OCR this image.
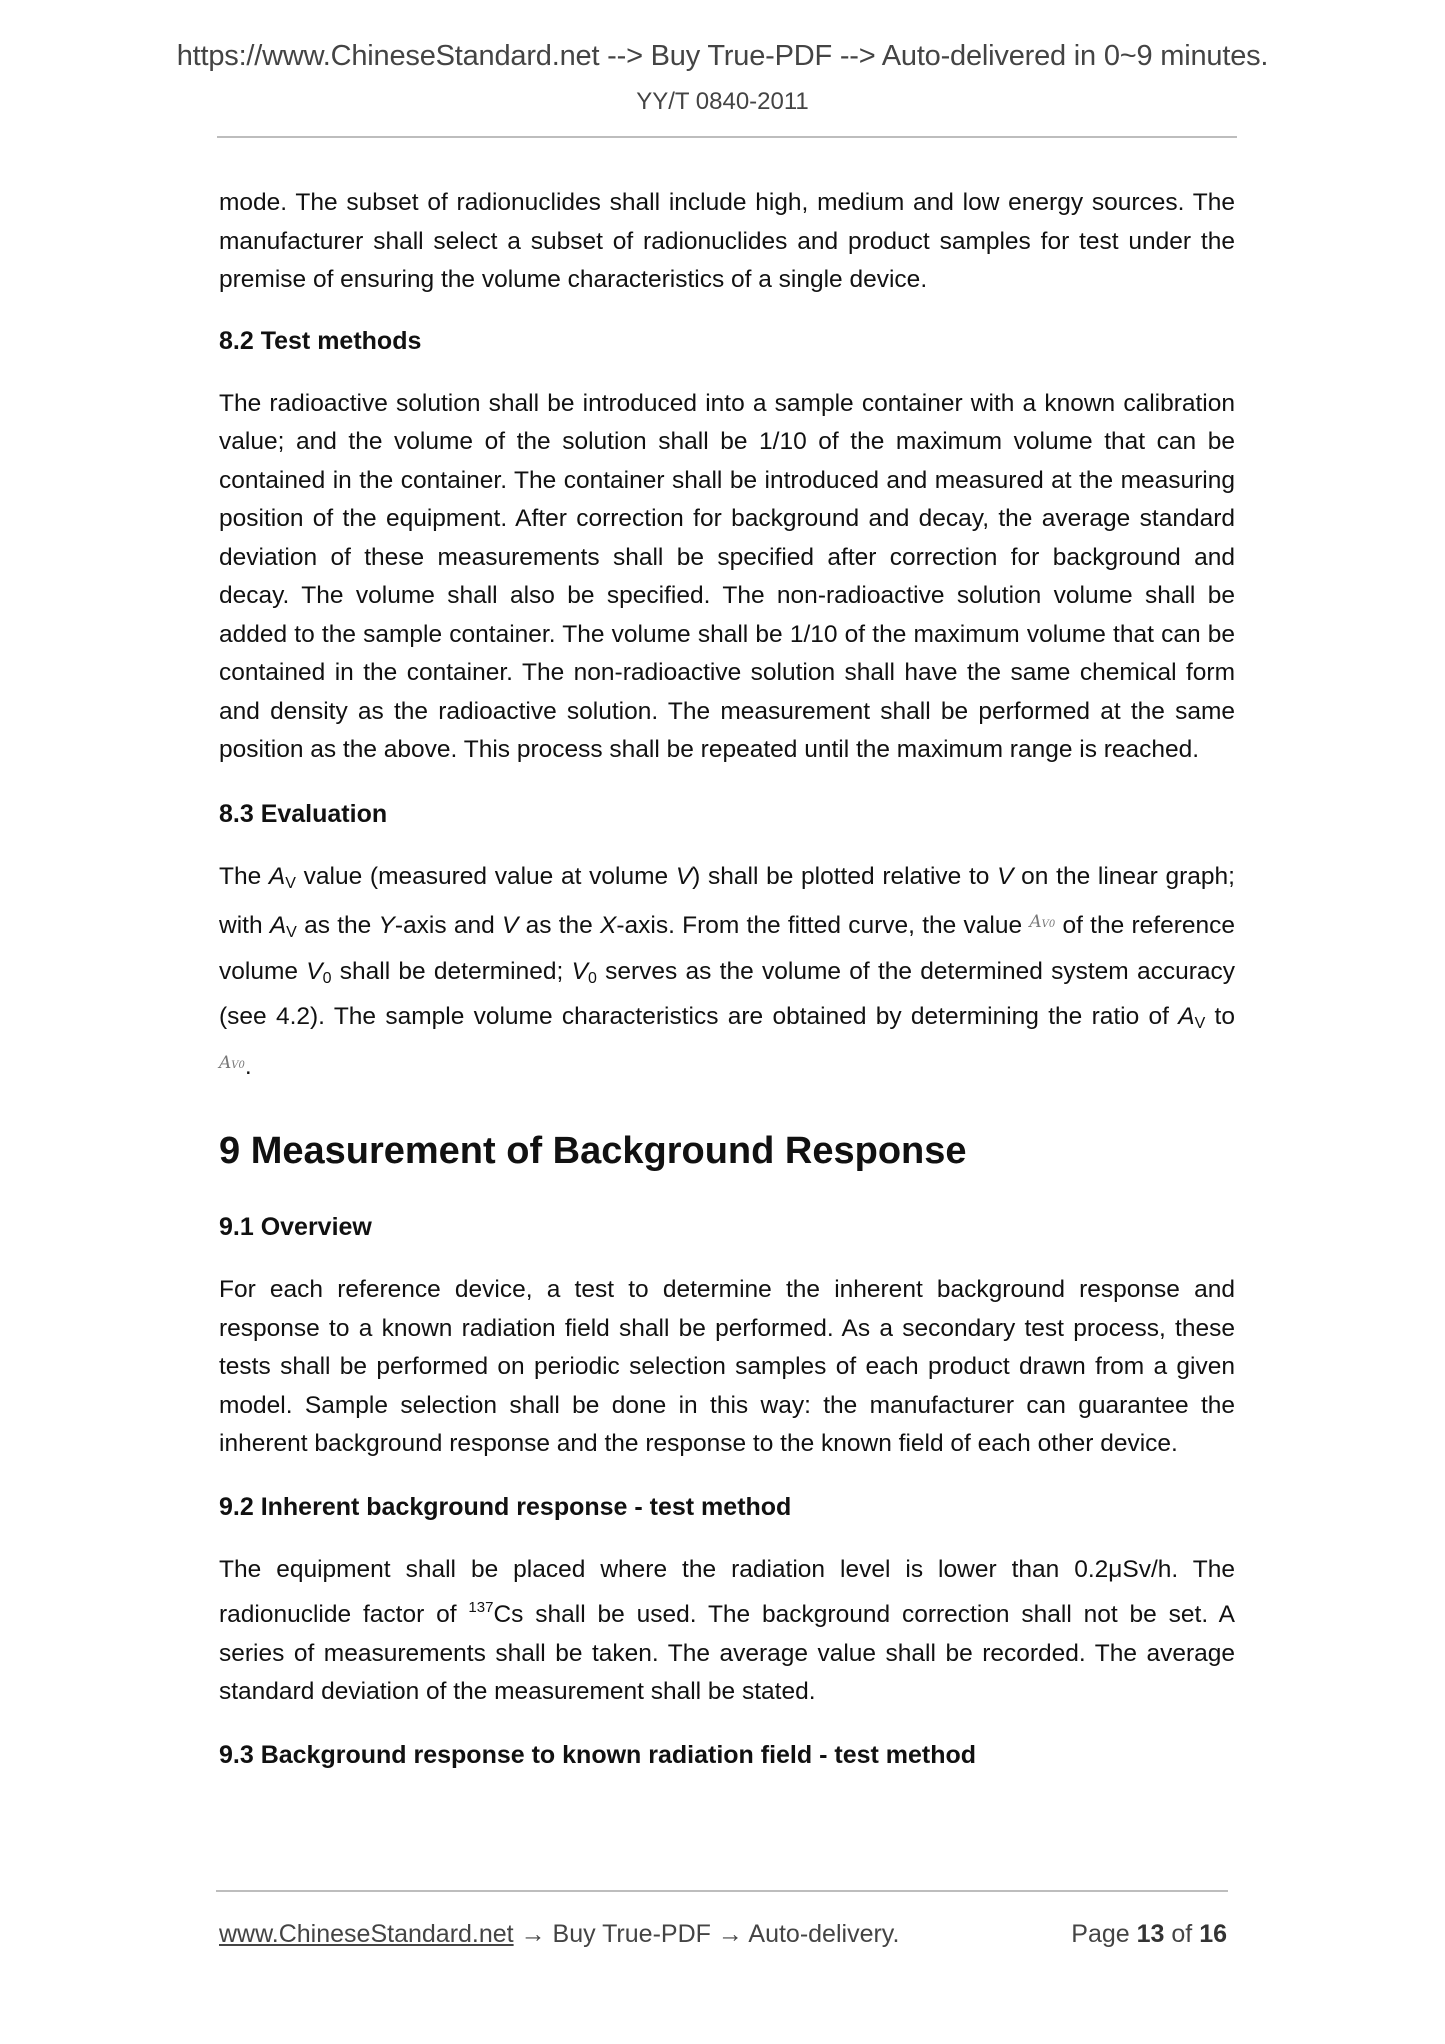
https://www.ChineseStandard.net --> Buy True-PDF --> Auto-delivered in 0~9 minutes.
YY/T 0840-2011

mode. The subset of radionuclides shall include high, medium and low energy sources. The manufacturer shall select a subset of radionuclides and product samples for test under the premise of ensuring the volume characteristics of a single device.

8.2 Test methods

The radioactive solution shall be introduced into a sample container with a known calibration value; and the volume of the solution shall be 1/10 of the maximum volume that can be contained in the container. The container shall be introduced and measured at the measuring position of the equipment. After correction for background and decay, the average standard deviation of these measurements shall be specified after correction for background and decay. The volume shall also be specified. The non-radioactive solution volume shall be added to the sample container. The volume shall be 1/10 of the maximum volume that can be contained in the container. The non-radioactive solution shall have the same chemical form and density as the radioactive solution. The measurement shall be performed at the same position as the above. This process shall be repeated until the maximum range is reached.

8.3 Evaluation

The $A_V$ value (measured value at volume V) shall be plotted relative to V on the linear graph; with $A_V$ as the Y-axis and V as the X-axis. From the fitted curve, the value $^{AV0}$ of the reference volume $V_0$ shall be determined; $V_0$ serves as the volume of the determined system accuracy (see 4.2). The sample volume characteristics are obtained by determining the ratio of $A_V$ to $^{AV0}$.

9 Measurement of Background Response
9.1 Overview

For each reference device, a test to determine the inherent background response and response to a known radiation field shall be performed. As a secondary test process, these tests shall be performed on periodic selection samples of each product drawn from a given model. Sample selection shall be done in this way: the manufacturer can guarantee the inherent background response and the response to the known field of each other device.

9.2 Inherent background response - test method

The equipment shall be placed where the radiation level is lower than 0.2μSv/h. The radionuclide factor of $^{137}$Cs shall be used. The background correction shall not be set. A series of measurements shall be taken. The average value shall be recorded. The average standard deviation of the measurement shall be stated.

9.3 Background response to known radiation field - test method
www.ChineseStandard.net → Buy True-PDF → Auto-delivery.	Page 13 of 16
